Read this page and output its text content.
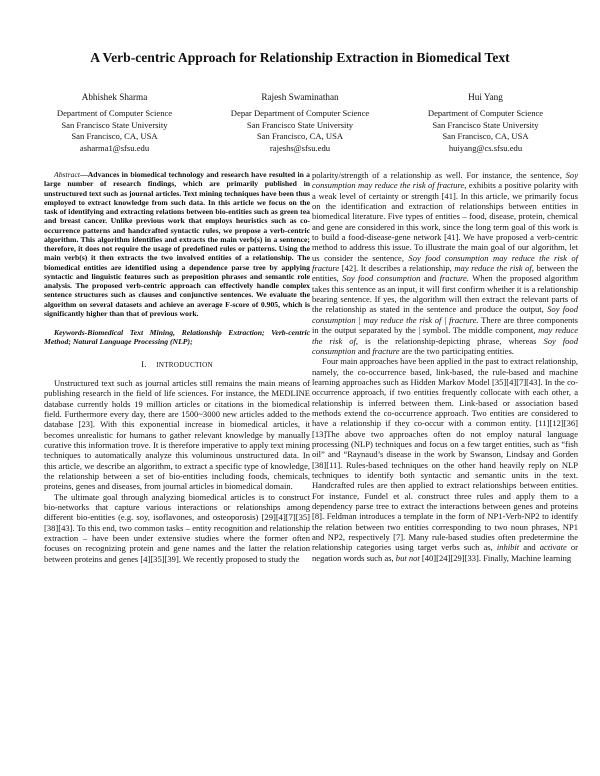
A Verb-centric Approach for Relationship Extraction in Biomedical Text
Abhishek Sharma
Department of Computer Science
San Francisco State University
San Francisco, CA, USA
asharma1@sfsu.edu
Rajesh Swaminathan
Depar Department of Computer Science
San Francisco State University
San Francisco, CA, USA
rajeshs@sfsu.edu
Hui Yang
Department of Computer Science
San Francisco State University
San Francisco, CA, USA
huiyang@cs.sfsu.edu

Abstract—Advances in biomedical technology and research have resulted in a large number of research findings, which are primarily published in unstructured text such as journal articles. Text mining techniques have been thus employed to extract knowledge from such data. In this article we focus on the task of identifying and extracting relations between bio-entities such as green tea and breast cancer. Unlike previous work that employs heuristics such as co-occurrence patterns and handcrafted syntactic rules, we propose a verb-centric algorithm. This algorithm identifies and extracts the main verb(s) in a sentence; therefore, it does not require the usage of predefined rules or patterns. Using the main verb(s) it then extracts the two involved entities of a relationship. The biomedical entities are identified using a dependence parse tree by applying syntactic and linguistic features such as preposition phrases and semantic role analysis. The proposed verb-centric approach can effectively handle complex sentence structures such as clauses and conjunctive sentences. We evaluate the algorithm on several datasets and achieve an average F-score of 0.905, which is significantly higher than that of previous work.

Keywords-Biomedical Text Mining, Relationship Extraction; Verb-centric Method; Natural Language Processing (NLP);

I. INTRODUCTION

Unstructured text such as journal articles still remains the main means of publishing research in the field of life sciences. For instance, the MEDLINE database currently holds 19 million articles or citations in the biomedical field. Furthermore every day, there are 1500~3000 new articles added to the database [23]. With this exponential increase in biomedical articles, it becomes unrealistic for humans to gather relevant knowledge by manually curative this information trove. It is therefore imperative to apply text mining techniques to automatically analyze this voluminous unstructured data. In this article, we describe an algorithm, to extract a specific type of knowledge, the relationship between a set of bio-entities including foods, chemicals, proteins, genes and diseases, from journal articles in biomedical domain.

The ultimate goal through analyzing biomedical articles is to construct bio-networks that capture various interactions or relationships among different bio-entities (e.g. soy, isoflavones, and osteoporosis) [29][4][7][35][38][43]. To this end, two common tasks – entity recognition and relationship extraction – have been under extensive studies where the former often focuses on recognizing protein and gene names and the latter the relation between proteins and genes [4][35][39]. We recently proposed to study the

polarity/strength of a relationship as well. For instance, the sentence, Soy consumption may reduce the risk of fracture, exhibits a positive polarity with a weak level of certainty or strength [41]. In this article, we primarily focus on the identification and extraction of relationships between entities in biomedical literature. Five types of entities – food, disease, protein, chemical and gene are considered in this work, since the long term goal of this work is to build a food-disease-gene network [41]. We have proposed a verb-centric method to address this issue. To illustrate the main goal of our algorithm, let us consider the sentence, Soy food consumption may reduce the risk of fracture [42]. It describes a relationship, may reduce the risk of, between the entities, Soy food consumption and fracture. When the proposed algorithm takes this sentence as an input, it will first confirm whether it is a relationship bearing sentence. If yes, the algorithm will then extract the relevant parts of the relationship as stated in the sentence and produce the output, Soy food consumption | may reduce the risk of | fracture. There are three components in the output separated by the | symbol. The middle component, may reduce the risk of, is the relationship-depicting phrase, whereas Soy food consumption and fracture are the two participating entities.

Four main approaches have been applied in the past to extract relationship, namely, the co-occurrence based, link-based, the rule-based and machine learning approaches such as Hidden Markov Model [35][4][7][43]. In the co-occurrence approach, if two entities frequently collocate with each other, a relationship is inferred between them. Link-based or association based methods extend the co-occurrence approach. Two entities are considered to have a relationship if they co-occur with a common entity. [11][12][36][13]The above two approaches often do not employ natural language processing (NLP) techniques and focus on a few target entities, such as “fish oil” and “Raynaud’s disease in the work by Swanson, Lindsay and Gorden [38][11]. Rules-based techniques on the other hand heavily reply on NLP techniques to identify both syntactic and semantic units in the text. Handcrafted rules are then applied to extract relationships between entities. For instance, Fundel et al. construct three rules and apply them to a dependency parse tree to extract the interactions between genes and proteins [8]. Feldman introduces a template in the form of NP1-Verb-NP2 to identify the relation between two entities corresponding to two noun phrases, NP1 and NP2, respectively [7]. Many rule-based studies often predetermine the relationship categories using target verbs such as, inhibit and activate or negation words such as, but not [40][24][29][33]. Finally, Machine learning
